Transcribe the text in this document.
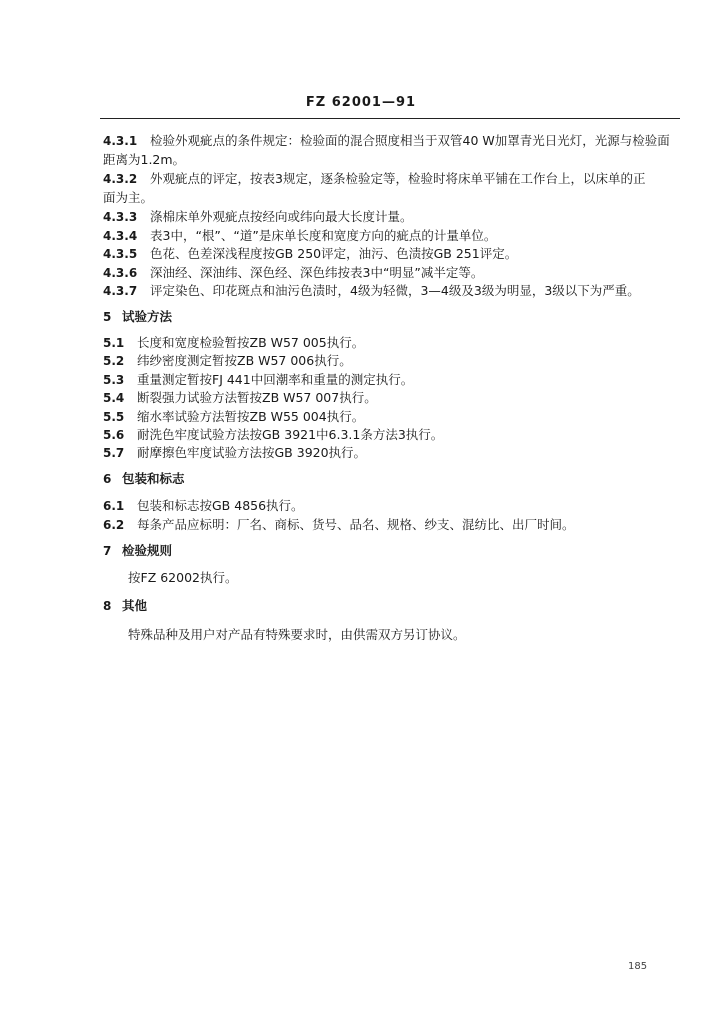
FZ 62001—91
4.3.1 检验外观疵点的条件规定：检验面的混合照度相当于双管40 W加罩青光日光灯，光源与检验面
距离为1.2m。
4.3.2 外观疵点的评定，按表3规定，逐条检验定等，检验时将床单平铺在工作台上，以床单的正
面为主。
4.3.3 涤棉床单外观疵点按经向或纬向最大长度计量。
4.3.4 表3中，“根”、“道”是床单长度和宽度方向的疵点的计量单位。
4.3.5 色花、色差深浅程度按GB 250评定，油污、色渍按GB 251评定。
4.3.6 深油经、深油纬、深色经、深色纬按表3中“明显”减半定等。
4.3.7 评定染色、印花斑点和油污色渍时，4级为轻微，3—4级及3级为明显，3级以下为严重。
5 试验方法
5.1 长度和宽度检验暂按ZB W57 005执行。
5.2 纬纱密度测定暂按ZB W57 006执行。
5.3 重量测定暂按FJ 441中回潮率和重量的测定执行。
5.4 断裂强力试验方法暂按ZB W57 007执行。
5.5 缩水率试验方法暂按ZB W55 004执行。
5.6 耐洗色牢度试验方法按GB 3921中6.3.1条方法3执行。
5.7 耐摩擦色牢度试验方法按GB 3920执行。
6 包装和标志
6.1 包装和标志按GB 4856执行。
6.2 每条产品应标明：厂名、商标、货号、品名、规格、纱支、混纺比、出厂时间。
7 检验规则
按FZ 62002执行。
8 其他
特殊品种及用户对产品有特殊要求时，由供需双方另订协议。
185
